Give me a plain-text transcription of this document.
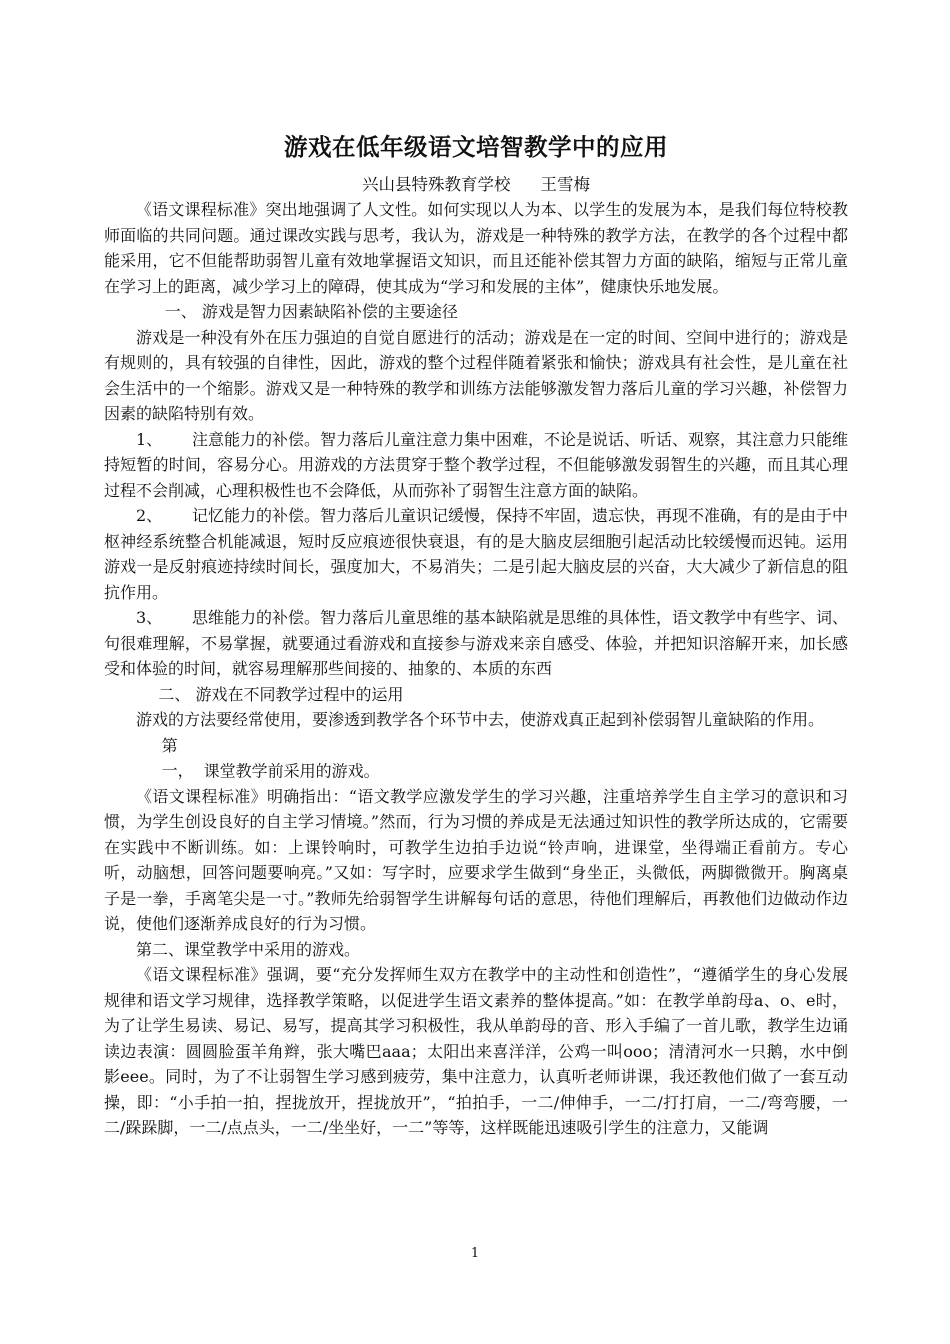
游戏在低年级语文培智教学中的应用
兴山县特殊教育学校 王雪梅

《语文课程标准》突出地强调了人文性。如何实现以人为本、以学生的发展为本，是我们每位特校教师面临的共同问题。通过课改实践与思考，我认为，游戏是一种特殊的教学方法，在教学的各个过程中都能采用，它不但能帮助弱智儿童有效地掌握语文知识，而且还能补偿其智力方面的缺陷，缩短与正常儿童在学习上的距离，减少学习上的障碍，使其成为“学习和发展的主体”，健康快乐地发展。

一、 游戏是智力因素缺陷补偿的主要途径

游戏是一种没有外在压力强迫的自觉自愿进行的活动；游戏是在一定的时间、空间中进行的；游戏是有规则的，具有较强的自律性，因此，游戏的整个过程伴随着紧张和愉快；游戏具有社会性，是儿童在社会生活中的一个缩影。游戏又是一种特殊的教学和训练方法能够激发智力落后儿童的学习兴趣，补偿智力因素的缺陷特别有效。

1、 注意能力的补偿。智力落后儿童注意力集中困难，不论是说话、听话、观察，其注意力只能维持短暂的时间，容易分心。用游戏的方法贯穿于整个教学过程，不但能够激发弱智生的兴趣，而且其心理过程不会削减，心理积极性也不会降低，从而弥补了弱智生注意方面的缺陷。

2、 记忆能力的补偿。智力落后儿童识记缓慢，保持不牢固，遗忘快，再现不准确，有的是由于中枢神经系统整合机能减退，短时反应痕迹很快衰退，有的是大脑皮层细胞引起活动比较缓慢而迟钝。运用游戏一是反射痕迹持续时间长，强度加大，不易消失；二是引起大脑皮层的兴奋，大大减少了新信息的阻抗作用。

3、 思维能力的补偿。智力落后儿童思维的基本缺陷就是思维的具体性，语文教学中有些字、词、句很难理解，不易掌握，就要通过看游戏和直接参与游戏来亲自感受、体验，并把知识溶解开来，加长感受和体验的时间，就容易理解那些间接的、抽象的、本质的东西

二、 游戏在不同教学过程中的运用

游戏的方法要经常使用，要渗透到教学各个环节中去，使游戏真正起到补偿弱智儿童缺陷的作用。

第一， 课堂教学前采用的游戏。

《语文课程标准》明确指出：“语文教学应激发学生的学习兴趣，注重培养学生自主学习的意识和习惯，为学生创设良好的自主学习情境。”然而，行为习惯的养成是无法通过知识性的教学所达成的，它需要在实践中不断训练。如：上课铃响时，可教学生边拍手边说“铃声响，进课堂，坐得端正看前方。专心听，动脑想，回答问题要响亮。”又如：写字时，应要求学生做到“身坐正，头微低，两脚微微开。胸离桌子是一拳，手离笔尖是一寸。”教师先给弱智学生讲解每句话的意思，待他们理解后，再教他们边做动作边说，使他们逐渐养成良好的行为习惯。

第二、课堂教学中采用的游戏。

《语文课程标准》强调，要“充分发挥师生双方在教学中的主动性和创造性”，“遵循学生的身心发展规律和语文学习规律，选择教学策略，以促进学生语文素养的整体提高。”如：在教学单韵母a、o、e时，为了让学生易读、易记、易写，提高其学习积极性，我从单韵母的音、形入手编了一首儿歌，教学生边诵读边表演：圆圆脸蛋羊角辫，张大嘴巴aaa；太阳出来喜洋洋，公鸡一叫ooo；清清河水一只鹅，水中倒影eee。同时，为了不让弱智生学习感到疲劳，集中注意力，认真听老师讲课，我还教他们做了一套互动操，即：“小手拍一拍，捏拢放开，捏拢放开”，“拍拍手，一二/伸伸手，一二/打打肩，一二/弯弯腰，一二/跺跺脚，一二/点点头，一二/坐坐好，一二”等等，这样既能迅速吸引学生的注意力，又能调

1
